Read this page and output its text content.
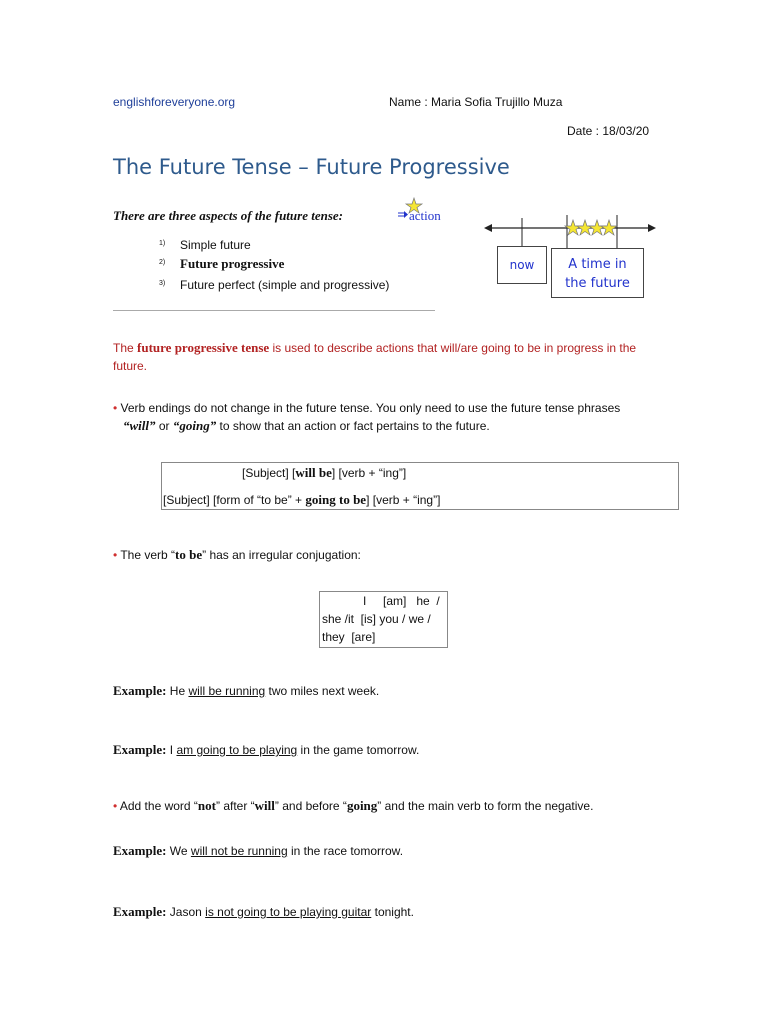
englishforeveryone.org	Name : Maria Sofia Trujillo Muza
Date : 18/03/20
The Future Tense – Future Progressive
There are three aspects of the future tense:
1) Simple future
2) Future progressive
3) Future perfect (simple and progressive)
action
now	A time in
the future
The future progressive tense is used to describe actions that will/are going to be in progress in the
future.
• Verb endings do not change in the future tense. You only need to use the future tense phrases
“will” or “going” to show that an action or fact pertains to the future.
[Subject] [will be] [verb + “ing”]
[Subject] [form of “to be” + going to be] [verb + “ing”]
• The verb “to be” has an irregular conjugation:
I     [am]   he  /
she /it  [is] you / we /
they  [are]
Example: He will be running two miles next week.
Example: I am going to be playing in the game tomorrow.
• Add the word “not” after “will” and before “going” and the main verb to form the negative.
Example: We will not be running in the race tomorrow.
Example: Jason is not going to be playing guitar tonight.
